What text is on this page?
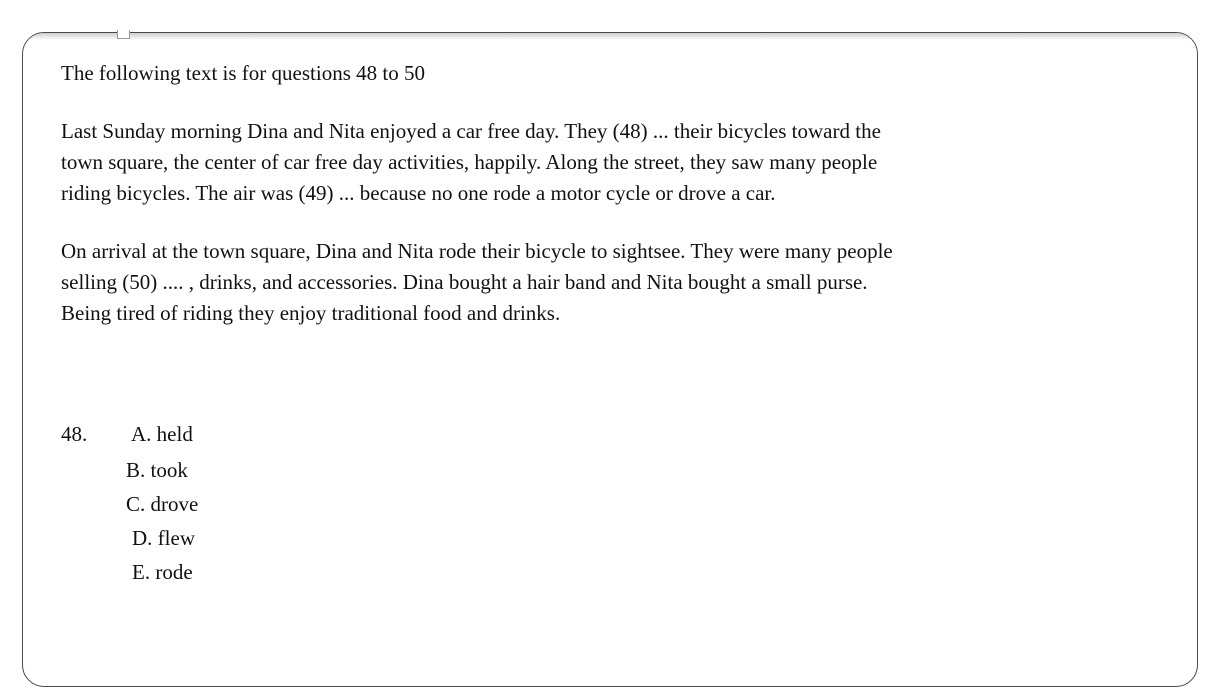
The following text is for questions 48 to 50

Last Sunday morning Dina and Nita enjoyed a car free day. They (48) ... their bicycles toward the

town square, the center of car free day activities, happily. Along the street, they saw many people

riding bicycles. The air was (49) ... because no one rode a motor cycle or drove a car.

On arrival at the town square, Dina and Nita rode their bicycle to sightsee. They were many people

selling (50) .... , drinks, and accessories. Dina bought a hair band and Nita bought a small purse.

Being tired of riding they enjoy traditional food and drinks.

48.	A. held
B. took
C. drove
D. flew
E. rode
